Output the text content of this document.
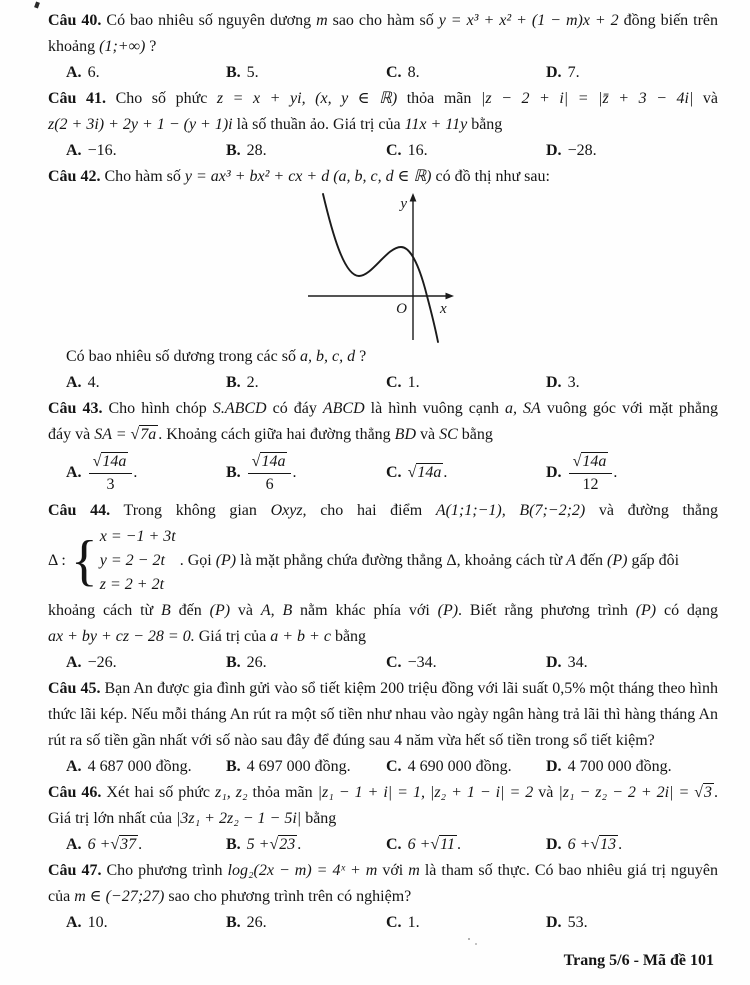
Câu 40. Có bao nhiêu số nguyên dương m sao cho hàm số y = x³ + x² + (1 − m)x + 2 đồng biến trên
khoảng (1;+∞) ?
A. 6.	B. 5.	C. 8.	D. 7.
Câu 41. Cho số phức z = x + yi, (x, y ∈ ℝ) thỏa mãn |z − 2 + i| = |z̄ + 3 − 4i| và
z(2 + 3i) + 2y + 1 − (y + 1)i là số thuần ảo. Giá trị của 11x + 11y bằng
A. −16.	B. 28.	C. 16.	D. −28.
Câu 42. Cho hàm số y = ax³ + bx² + cx + d (a, b, c, d ∈ ℝ) có đồ thị như sau:
y
x
O
Có bao nhiêu số dương trong các số a, b, c, d ?
A. 4.	B. 2.	C. 1.	D. 3.
Câu 43. Cho hình chóp S.ABCD có đáy ABCD là hình vuông cạnh a, SA vuông góc với mặt phẳng
đáy và SA = √7a . Khoảng cách giữa hai đường thẳng BD và SC bằng
A. $\frac{√14a}{3}$ .	B. $\frac{√14a}{6}$ .	C. √14a .	D. $\frac{√14a}{12}$ .
Câu 44. Trong không gian Oxyz, cho hai điểm A(1;1;−1), B(7;−2;2) và đường thẳng
Δ : { x = −1 + 3t
y = 2 − 2t
z = 2 + 2t
. Gọi (P) là mặt phẳng chứa đường thẳng Δ, khoảng cách từ A đến (P) gấp đôi
khoảng cách từ B đến (P) và A, B nằm khác phía với (P). Biết rằng phương trình (P) có dạng
ax + by + cz − 28 = 0. Giá trị của a + b + c bằng
A. −26.	B. 26.	C. −34.	D. 34.
Câu 45. Bạn An được gia đình gửi vào sổ tiết kiệm 200 triệu đồng với lãi suất 0,5% một tháng theo hình
thức lãi kép. Nếu mỗi tháng An rút ra một số tiền như nhau vào ngày ngân hàng trả lãi thì hàng tháng An
rút ra số tiền gần nhất với số nào sau đây để đúng sau 4 năm vừa hết số tiền trong sổ tiết kiệm?
A. 4 687 000 đồng. B. 4 697 000 đồng. C. 4 690 000 đồng. D. 4 700 000 đồng.
Câu 46. Xét hai số phức z₁, z₂ thỏa mãn |z₁ − 1 + i| = 1, |z₂ + 1 − i| = 2 và |z₁ − z₂ − 2 + 2i| = √3 .
Giá trị lớn nhất của |3z₁ + 2z₂ − 1 − 5i| bằng
A. 6 + √37 .	B. 5 + √23 .	C. 6 + √11 .	D. 6 + √13 .
Câu 47. Cho phương trình log₂(2x − m) = 4ˣ + m với m là tham số thực. Có bao nhiêu giá trị nguyên
của m ∈ (−27;27) sao cho phương trình trên có nghiệm?
A. 10.	B. 26.	C. 1.	D. 53.
Trang 5/6 - Mã đề 101
